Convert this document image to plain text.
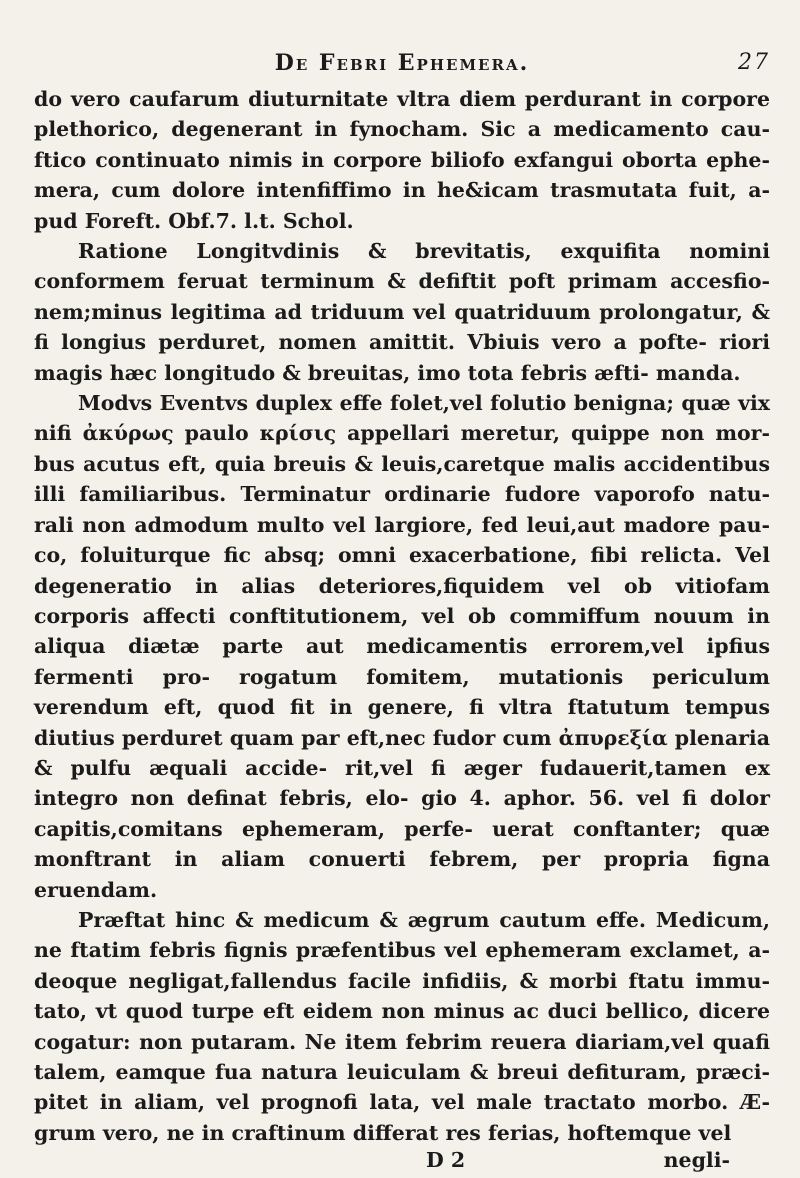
De Febri Ephemera.	27

do vero caufarum diuturnitate vltra diem perdurant in corpore plethorico, degenerant in fynocham. Sic a medicamento cau- ftico continuato nimis in corpore biliofo exfangui oborta ephe- mera, cum dolore intenfiffimo in he&icam trasmutata fuit, a- pud Foreft. Obf.7. l.t. Schol.

Ratione Longitvdinis & brevitatis, exquifita nomini conformem feruat terminum & defiftit poft primam accesfio- nem;minus legitima ad triduum vel quatriduum prolongatur, & fi longius perduret, nomen amittit. Vbiuis vero a pofte- riori magis hæc longitudo & breuitas, imo tota febris æfti- manda.

Modvs Eventvs duplex effe folet,vel folutio benigna; quæ vix nifi ἀκύρως paulo κρίσις appellari meretur, quippe non mor- bus acutus eft, quia breuis & leuis,caretque malis accidentibus illi familiaribus. Terminatur ordinarie fudore vaporofo natu- rali non admodum multo vel largiore, fed leui,aut madore pau- co, foluiturque fic absq; omni exacerbatione, fibi relicta. Vel degeneratio in alias deteriores,fiquidem vel ob vitiofam corporis affecti conftitutionem, vel ob commiffum nouum in aliqua diætæ parte aut medicamentis errorem,vel ipfius fermenti pro- rogatum fomitem, mutationis periculum verendum eft, quod fit in genere, fi vltra ftatutum tempus diutius perduret quam par eft,nec fudor cum ἀπυρεξία plenaria & pulfu æquali accide- rit,vel fi æger fudauerit,tamen ex integro non definat febris, elo- gio 4. aphor. 56. vel fi dolor capitis,comitans ephemeram, perfe- uerat conftanter; quæ monftrant in aliam conuerti febrem, per propria figna eruendam.

Præftat hinc & medicum & ægrum cautum effe. Medicum, ne ftatim febris fignis præfentibus vel ephemeram exclamet, a- deoque negligat,fallendus facile infidiis, & morbi ftatu immu- tato, vt quod turpe eft eidem non minus ac duci bellico, dicere cogatur: non putaram. Ne item febrim reuera diariam,vel quafi talem, eamque fua natura leuiculam & breui defituram, præci- pitet in aliam, vel prognofi lata, vel male tractato morbo. Æ- grum vero, ne in craftinum differat res ferias, hoftemque vel

D 2	negli-
